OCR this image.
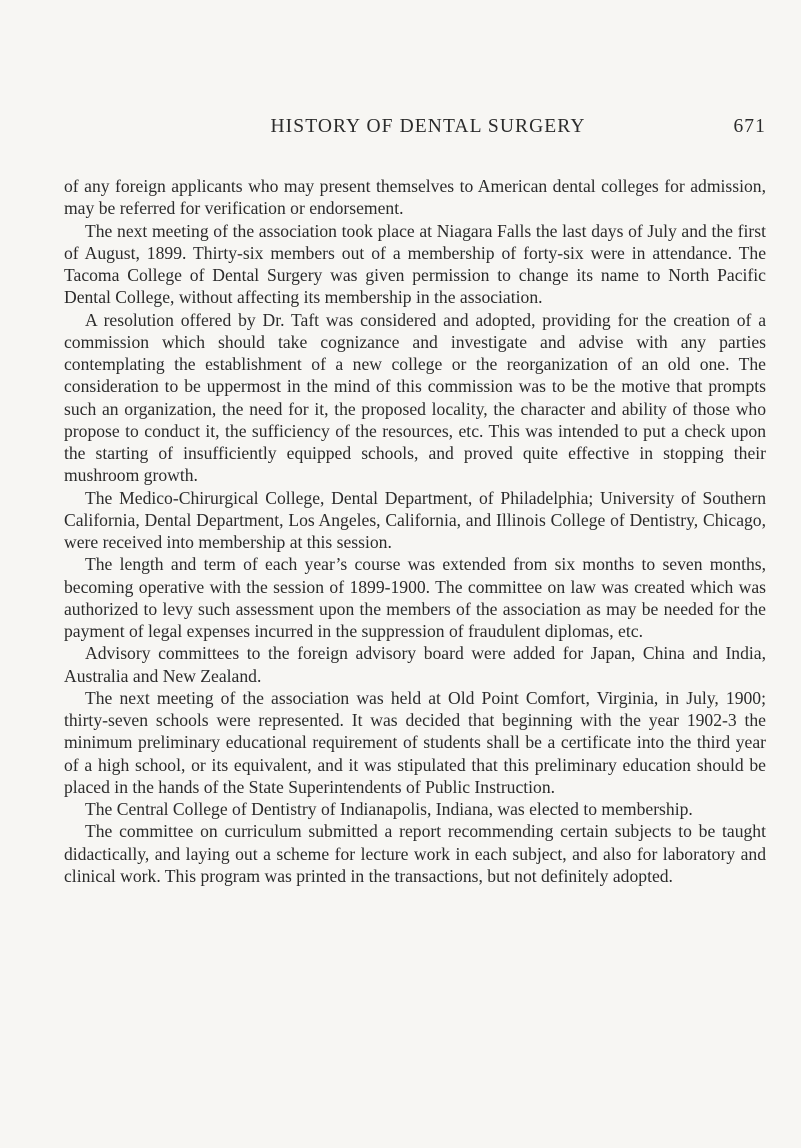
HISTORY OF DENTAL SURGERY	671

of any foreign applicants who may present themselves to American dental colleges for admission, may be referred for verification or endorsement.

The next meeting of the association took place at Niagara Falls the last days of July and the first of August, 1899. Thirty-six members out of a membership of forty-six were in attendance. The Tacoma College of Dental Surgery was given permission to change its name to North Pacific Dental College, without affecting its membership in the association.

A resolution offered by Dr. Taft was considered and adopted, providing for the creation of a commission which should take cognizance and investigate and advise with any parties contemplating the establishment of a new college or the reorganization of an old one. The consideration to be uppermost in the mind of this commission was to be the motive that prompts such an organization, the need for it, the proposed locality, the character and ability of those who propose to conduct it, the sufficiency of the resources, etc. This was intended to put a check upon the starting of insufficiently equipped schools, and proved quite effective in stopping their mushroom growth.

The Medico-Chirurgical College, Dental Department, of Philadelphia; University of Southern California, Dental Department, Los Angeles, California, and Illinois College of Dentistry, Chicago, were received into membership at this session.

The length and term of each year’s course was extended from six months to seven months, becoming operative with the session of 1899-1900. The committee on law was created which was authorized to levy such assessment upon the members of the association as may be needed for the payment of legal expenses incurred in the suppression of fraudulent diplomas, etc.

Advisory committees to the foreign advisory board were added for Japan, China and India, Australia and New Zealand.

The next meeting of the association was held at Old Point Comfort, Virginia, in July, 1900; thirty-seven schools were represented. It was decided that beginning with the year 1902-3 the minimum preliminary educational requirement of students shall be a certificate into the third year of a high school, or its equivalent, and it was stipulated that this preliminary education should be placed in the hands of the State Superintendents of Public Instruction.

The Central College of Dentistry of Indianapolis, Indiana, was elected to membership.

The committee on curriculum submitted a report recommending certain subjects to be taught didactically, and laying out a scheme for lecture work in each subject, and also for laboratory and clinical work. This program was printed in the transactions, but not definitely adopted.
